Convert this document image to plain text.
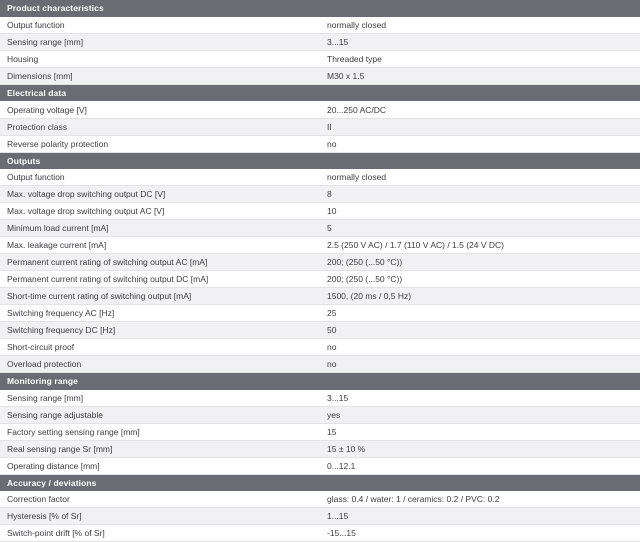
Product characteristics	
Output function	normally closed
Sensing range [mm]	3...15
Housing	Threaded type
Dimensions [mm]	M30 x 1.5
Electrical data	
Operating voltage [V]	20...250 AC/DC
Protection class	II
Reverse polarity protection	no
Outputs	
Output function	normally closed
Max. voltage drop switching output DC [V]	8
Max. voltage drop switching output AC [V]	10
Minimum load current [mA]	5
Max. leakage current [mA]	2.5 (250 V AC) / 1.7 (110 V AC) / 1.5 (24 V DC)
Permanent current rating of switching output AC [mA]	200; (250 (...50 °C))
Permanent current rating of switching output DC [mA]	200; (250 (...50 °C))
Short-time current rating of switching output [mA]	1500, (20 ms / 0,5 Hz)
Switching frequency AC [Hz]	25
Switching frequency DC [Hz]	50
Short-circuit proof	no
Overload protection	no
Monitoring range	
Sensing range [mm]	3...15
Sensing range adjustable	yes
Factory setting sensing range [mm]	15
Real sensing range Sr [mm]	15 ± 10 %
Operating distance [mm]	0...12.1
Accuracy / deviations	
Correction factor	glass: 0.4 / water: 1 / ceramics: 0.2 / PVC: 0.2
Hysteresis [% of Sr]	1...15
Switch-point drift [% of Sr]	-15...15
